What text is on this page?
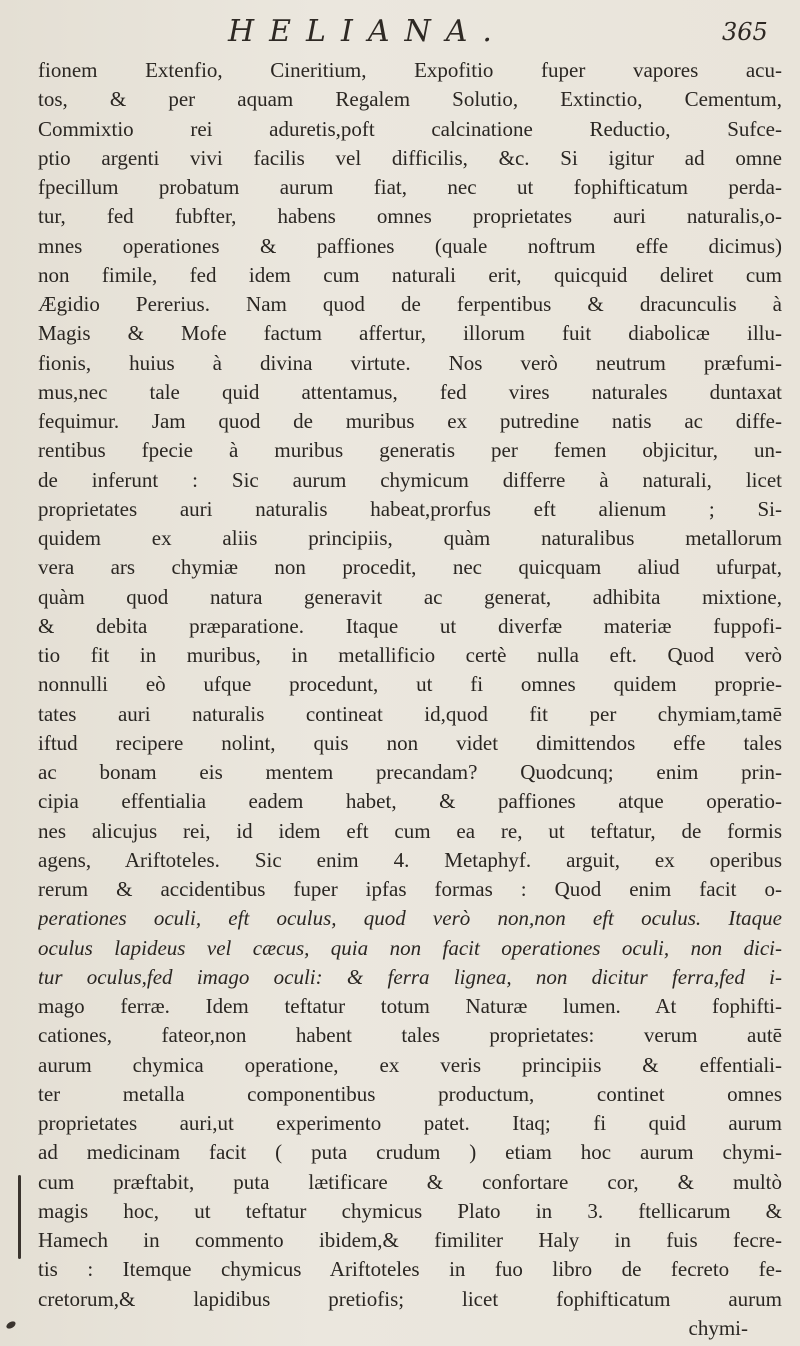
HELIANA.	365
fionem Extenfio, Cineritium, Expofitio fuper vapores acu-
tos, & per aquam Regalem Solutio, Extinctio, Cementum,
Commixtio rei aduretis,poft calcinatione Reductio, Sufce-
ptio argenti vivi facilis vel difficilis, &c. Si igitur ad omne
fpecillum probatum aurum fiat, nec ut fophifticatum perda-
tur, fed fubfter, habens omnes proprietates auri naturalis,o-
mnes operationes & paffiones (quale noftrum effe dicimus)
non fimile, fed idem cum naturali erit, quicquid deliret cum
Ægidio Pererius. Nam quod de ferpentibus & dracunculis à
Magis & Mofe factum affertur, illorum fuit diabolicæ illu-
fionis, huius à divina virtute. Nos verò neutrum præfumi-
mus,nec tale quid attentamus, fed vires naturales duntaxat
fequimur. Jam quod de muribus ex putredine natis ac diffe-
rentibus fpecie à muribus generatis per femen objicitur, un-
de inferunt : Sic aurum chymicum differre à naturali, licet
proprietates auri naturalis habeat,prorfus eft alienum ; Si-
quidem ex aliis principiis, quàm naturalibus metallorum
vera ars chymiæ non procedit, nec quicquam aliud ufurpat,
quàm quod natura generavit ac generat, adhibita mixtione,
& debita præparatione. Itaque ut diverfæ materiæ fuppofi-
tio fit in muribus, in metallificio certè nulla eft. Quod verò
nonnulli eò ufque procedunt, ut fi omnes quidem proprie-
tates auri naturalis contineat id,quod fit per chymiam,tamē
iftud recipere nolint, quis non videt dimittendos effe tales
ac bonam eis mentem precandam? Quodcunq; enim prin-
cipia effentialia eadem habet, & paffiones atque operatio-
nes alicujus rei, id idem eft cum ea re, ut teftatur, de formis
agens, Ariftoteles. Sic enim 4. Metaphyf. arguit, ex operibus
rerum & accidentibus fuper ipfas formas : Quod enim facit o-
perationes oculi, eft oculus, quod verò non,non eft oculus. Itaque
oculus lapideus vel cæcus, quia non facit operationes oculi, non dici-
tur oculus,fed imago oculi: & ferra lignea, non dicitur ferra,fed i-
mago ferræ. Idem teftatur totum Naturæ lumen. At fophifti-
cationes, fateor,non habent tales proprietates: verum autē
aurum chymica operatione, ex veris principiis & effentiali-
ter metalla componentibus productum, continet omnes
proprietates auri,ut experimento patet. Itaq; fi quid aurum
ad medicinam facit ( puta crudum ) etiam hoc aurum chymi-
cum præftabit, puta lætificare & confortare cor, & multò
magis hoc, ut teftatur chymicus Plato in 3. ftellicarum &
Hamech in commento ibidem,& fimiliter Haly in fuis fecre-
tis : Itemque chymicus Ariftoteles in fuo libro de fecreto fe-
cretorum,& lapidibus pretiofis; licet fophifticatum aurum
chymi-
